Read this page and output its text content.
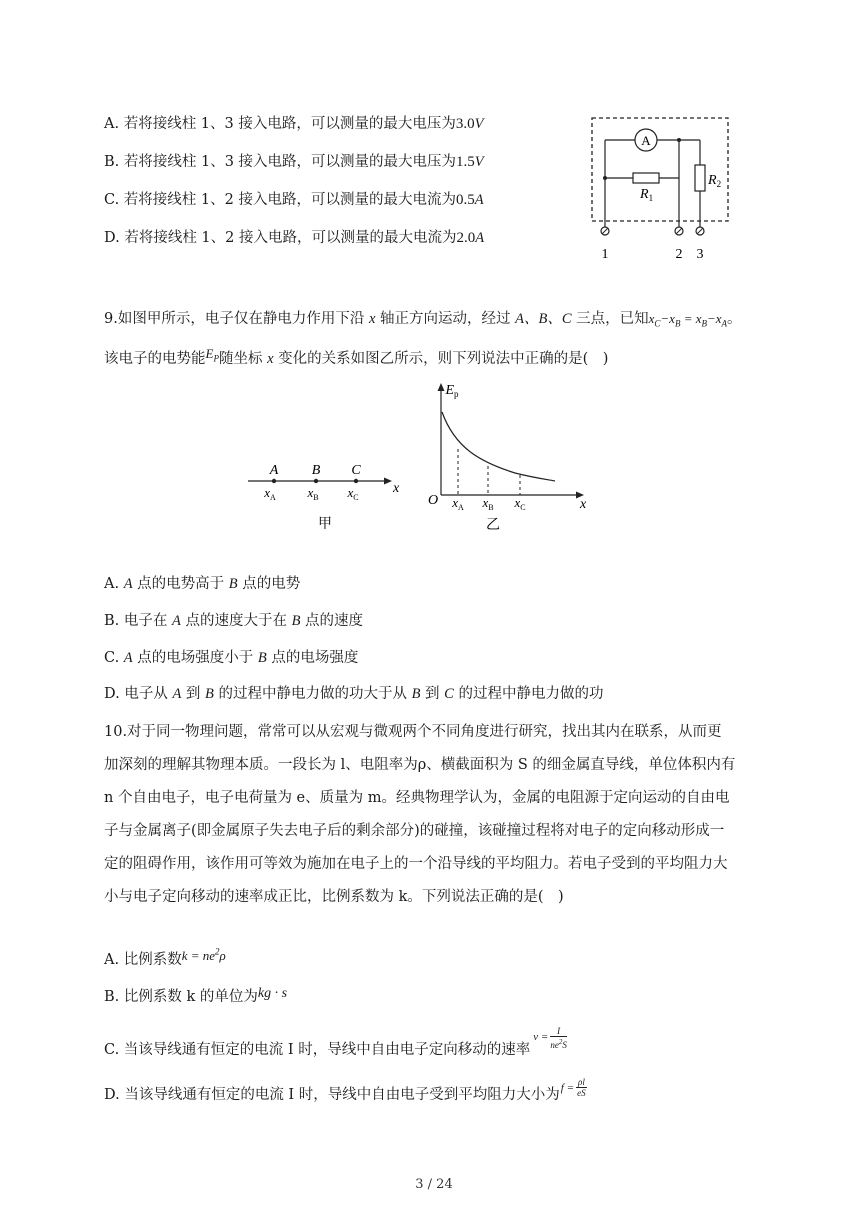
A. 若将接线柱 1、3 接入电路，可以测量的最大电压为3.0V
B. 若将接线柱 1、3 接入电路，可以测量的最大电压为1.5V
C. 若将接线柱 1、2 接入电路，可以测量的最大电流为0.5A
D. 若将接线柱 1、2 接入电路，可以测量的最大电流为2.0A
A
$R_1$
$R_2$
1	2 3
9.如图甲所示，电子仅在静电力作用下沿 x 轴正方向运动，经过 A、B、C 三点，已知$x_C-x_B = x_B-x_A$。
该电子的电势能$E_P$随坐标 x 变化的关系如图乙所示，则下列说法中正确的是(　)
A B C
$x_A$ $x_B$ $x_C$
x
甲
$E_p$
O $x_A$ $x_B$ $x_C$	x
乙
A. A 点的电势高于 B 点的电势
B. 电子在 A 点的速度大于在 B 点的速度
C. A 点的电场强度小于 B 点的电场强度
D. 电子从 A 到 B 的过程中静电力做的功大于从 B 到 C 的过程中静电力做的功
10.对于同一物理问题，常常可以从宏观与微观两个不同角度进行研究，找出其内在联系，从而更
加深刻的理解其物理本质。一段长为 l、电阻率为ρ、横截面积为 S 的细金属直导线，单位体积内有
n 个自由电子，电子电荷量为 e、质量为 m。经典物理学认为，金属的电阻源于定向运动的自由电
子与金属离子(即金属原子失去电子后的剩余部分)的碰撞，该碰撞过程将对电子的定向移动形成一
定的阻碍作用，该作用可等效为施加在电子上的一个沿导线的平均阻力。若电子受到的平均阻力大
小与电子定向移动的速率成正比，比例系数为 k。下列说法正确的是(　)
A. 比例系数$k = ne^2\rho$
B. 比例系数 k 的单位为kg · s
C. 当该导线通有恒定的电流 I 时，导线中自由电子定向移动的速率$v = \frac{I}{ne^2S}$
D. 当该导线通有恒定的电流 I 时，导线中自由电子受到平均阻力大小为$f = \frac{\rho l}{eS}$
3 / 24
